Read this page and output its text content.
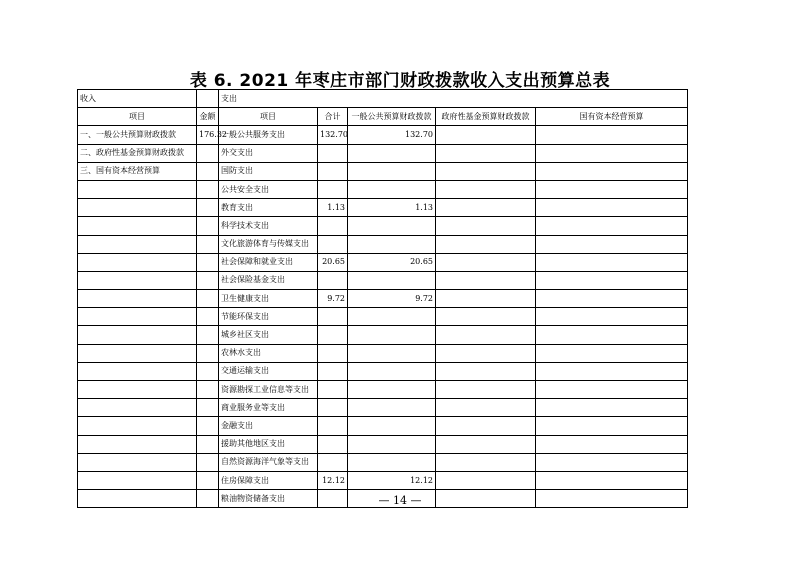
表 6. 2021 年枣庄市部门财政拨款收入支出预算总表
收入		支出				
项目	金额	项目	合计	一般公共预算财政拨款	政府性基金预算财政拨款	国有资本经营预算
一、一般公共预算财政拨款	176.32	一般公共服务支出	132.70	132.70		
二、政府性基金预算财政拨款		外交支出				
三、国有资本经营预算		国防支出				
		公共安全支出				
		教育支出	1.13	1.13		
		科学技术支出				
		文化旅游体育与传媒支出				
		社会保障和就业支出	20.65	20.65		
		社会保险基金支出				
		卫生健康支出	9.72	9.72		
		节能环保支出				
		城乡社区支出				
		农林水支出				
		交通运输支出				
		资源勘探工业信息等支出				
		商业服务业等支出				
		金融支出				
		援助其他地区支出				
		自然资源海洋气象等支出				
		住房保障支出	12.12	12.12		
		粮油物资储备支出					— 14 —
